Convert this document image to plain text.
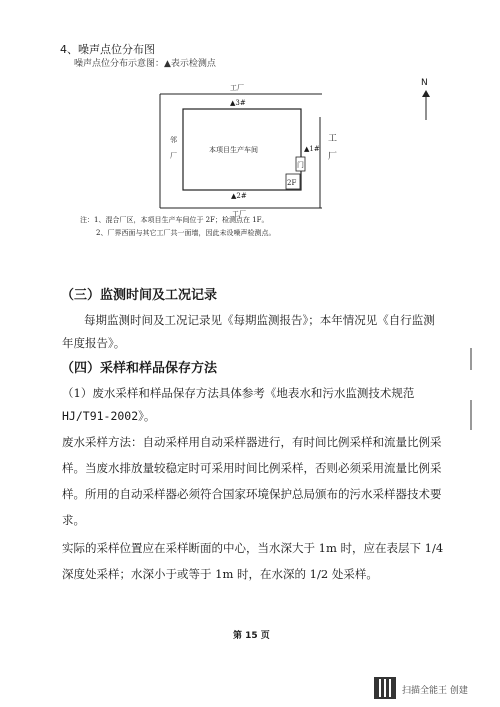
4、噪声点位分布图
噪声点位分布示意图：▲表示检测点
工厂
▲3#
邻
厂
本项目生产车间	▲1#
门
2F
▲2#
工厂
工
厂
N
注：1、混合厂区，本项目生产车间位于 2F；检测点在 1F。
2、厂界西面与其它工厂共一面墙，因此未设噪声检测点。
（三）监测时间及工况记录
每期监测时间及工况记录见《每期监测报告》；本年情况见《自行监测
年度报告》。
（四）采样和样品保存方法
（1）废水采样和样品保存方法具体参考《地表水和污水监测技术规范
HJ/T91-2002》。
废水采样方法：自动采样用自动采样器进行，有时间比例采样和流量比例采
样。当废水排放量较稳定时可采用时间比例采样，否则必须采用流量比例采
样。所用的自动采样器必须符合国家环境保护总局颁布的污水采样器技术要
求。
实际的采样位置应在采样断面的中心，当水深大于 1m 时，应在表层下 1/4
深度处采样；水深小于或等于 1m 时，在水深的 1/2 处采样。
第 15 页
扫描全能王 创建
